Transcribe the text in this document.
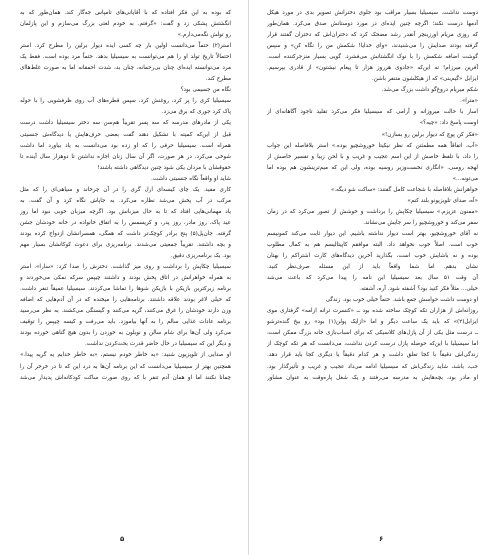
دوست نداشت. سیسیلیا بسیار مراقب بود جلوی دخترانش تصویر بدی در مورد هیکل
آدمها درست نکند؛ اگرچه چنین ایده‌ای در مورد دوستانش صدق می‌کرد. همان‌طور
که روزی مریام اورزینچر آنقدر رشد مضحک کرد که دختران‌اش که دختران گفتند قرار
گرفته بودند صدایش را می‌شنیدند، «وای خدایا! شکمش من را نگاه کن» و سپس
گوشت اضافه شکمش را با نوک انگشتانش می‌فشرد. گویی بسیار منزجرکننده است.
آفرین میرزام! نه این‌که «جادوی هرروز هزار تا پیغام نیشتون» از قادری بپرسیم.
ایزابل «گیم‌بنی» که از هیکلشون متنفر باشن.
شکم میریام دروغ‌گو داشت بزرگ می‌شد.
«مترا».
اسار با حالت میروزانه و آرامی که سیسیلیا فکر می‌کرد تقلید تاجود آگاهانه‌ای از
اوست پاسخ داد: «چیه؟»
«فکر کن پوچ که دیوار برلین رو بسازن!»
«آب، اتفاقاً همه مطمئنن که نظر نیکیتا خوروشچیو بوده.» استر بلافاصله این جواب
را داد، با تلفظ خاصش از این اسم عجیب و غریب و با لحن زیبا و تفسیر خاصش از
لهجه روسی. «انگاری نخست‌وزیر روسیه بوده، ولی این که میم‌ترینشون هم بوده اما
می‌تونه...»
خواهرانش بلافاصله با شجاعت کامل گفتند: «ساکت شو دیگه.»
«آه، صدای تلویزیونو بلند کنم»
«ممنون عزیزم.» سیسیلیا چکاپش را برداشت و خوشش از تصور می‌کرد که در زمان
سفر می‌کند و خوروشچیو را سر جایش می‌نشاند.
نه آقای خوروشچیو، بهتر است دیوار نداشته باشیم. این دیوار ثابت می‌کند کمونیسم
خوب است. اصلاً خوب نخواهد داد. البته موافقم کاپیتالیسم هم به کمال مطلوب
بوده و نه باشایش خوب است، بگذارید آخرین دیدگاه‌های کارت اشتراکم را بهتان
نشان بدهم. اما شما واقعاً باید از این مسئله صرف‌نظر کنید.
آن وقت ۵۱ سال بعد سیسیلیا این نامه را پیدا می‌کرد که باعث می‌شد
خیلی... مثلاً فکر کنید بود؟ آشفته شود. آره، آشفته.
او دوست داشت حواسش جمع باشد. حتماً خیلی خوب بود. زندگی
روزانه‌اش از هزاران تکه کوچک ساخته شده بود ــ «کنسرت ترانه ازامه» گرفتاری موی
ایزابل(۲)» که باید یک ساعت دیگر و اما «ازایک پولن(۱) بود» رو بیخ گنده‌ترشو
ــ درست مثل یکی از آن پازل‌های کلاسیکی که برای اسباب‌بازی خانه بزرگ ممکن است،
اما سیسیلیا با این‌که حوصله پازل درست کردن نداشت، می‌دانست که هر تکه کوچک از
زندگی‌اش دقیقاً با کجا تعلق داشت و هر کدام دقیقاً با دیگری کجا باید قرار دهد.
حب، باشد، شاید زندگی‌اش که سیسیلیا ادامه می‌داد عجیب و غریب و تأثیرگذار بود.
او مادر بود، بچه‌هایش به مدرسه می‌رفتند و یک شغل پاره‌وقت به عنوان مشاور
۶
که بوده به این فکر افتاده که با آقایانی‌های تامپاس جه‌گار کند. همان‌طور که به
انگشتش پشکی زد و گفت: «گرفتم. به خودم لغتی بزرگ می‌سازم و این پازلمان
رو تولش نگه‌می‌دارم.»
استر(۲) حتماً می‌دانست اولین بار چه کسی ایده دیوار برلین را مطرح کرد. استر
احتمالاً تاریخ تولد او را هم می‌توانست به سیسیلیا بدهد. حتماً مرد بوده است. فقط یک
مرد می‌توانسته ایده‌ای چنان بی‌رحمانه، چنان بد، شدت احمقانه اما به صورت غلط‌ها‌ای
مطرح کند.
نگاه من جسیمی بود؟
سیسیلیا کری را پر کرد، روغنش کرد، سپس قطره‌های آب روی ظرفشویی را با حوله
پاک کرد جوری که برق می‌زد.
یکی از مادرهای مدرسه که سه پسر تقریباً هم‌سن سه دختر سیسیلیا داشت درست
قبل از این‌که کمیته با تشکیل دهند گفت بعضی حرف‌هایش یا دیدگاه‌ش جنسیتی
همراه است. سیسیلیا حرفی را که او زده بود می‌دانست به یاد بیاورد اما داشت
شوخی می‌کرد. در هر صورت، اگر آن سال زنان اجازه نداشتن تا دوهزار سال آینده تا
حقوقشان با مردان یکی شود چنین دیدگاهی داشته باشند!
شاید او واقعاً نگاه جنسیتی داشت.
کاری مفید. یک چای کیسه‌ای ارل گری را در آن چرخاند و سیاهی‌ای را که مثل
مرکب در آب پخش می‌شد نظاره می‌کرد. به جاپاش نگاه کرد و آن گفت. به
یاد مهمانی‌هایی افتاد که تا به حال میزبانش بود. اگرچه میزبان خوبی نبود اما روز
عید پاک، روز مادر، روز پدر، و کریسمس را به اتفاق خانواده در خانه خودشان جشن
گرفته. جان‌پل(۵) پنج برادر کوچک‌تر داشت که همگی، همسرانشان ازدواج کرده بودند
و بچه داشتند. تقریباً جمعیتی می‌شدند. برنامه‌ریزی برای دعوت کوکانشان بسیار مهم
بود. یک برنامه‌ریزی دقیق.
سیسیلیا چکاپش را برداشت و روی میز گذاشت. دخترش را صدا کرد: «سارا». استر
به همراه خواهرانش در اتاق پخش بودند و داشتند چیپس سرکه نمکی می‌خوردند و
برنامه زیرکترین بازیکن با بازیکن شوها را تماشا می‌کردند. سیسیلیا عمیقاً تنفر داشت.
که حیلی لاغر بودند علاقه داشتند. برنامه‌هایی را میخنده که در آن آدم‌هایی که اضافه
وزن دارند خودشان را غرق می‌کنند، گریه می‌کنند و گیسنگی می‌کشند. به نظر می‌رسید
برنامه عادات غذایی سالم را به آنها بیاموزد. باید می‌رفت و کیسه چیپس را توقیف
می‌کرد ولی آن‌ها برای شام سالن و نوبلون به خوردن را بدون هیچ گناهی خورده بودند
و دیگر این که سیسیلیا در حال حاضر قدرت بحث‌کردن نداشت.
او صدایی از تلویزیون شنید: «به خاطر خودم نیستم، «به خاطر خدایم یه گریه پیدا.»
همچنین بهتر از سیسیلیا می‌دانست که این برنامه آن‌ها به درد این که تا در خرخر آن را
چمانا نکنند اما او همان آدم تنفر با که روی صورت ساکت کودکانه‌اش پدیدار می‌شد
۵
